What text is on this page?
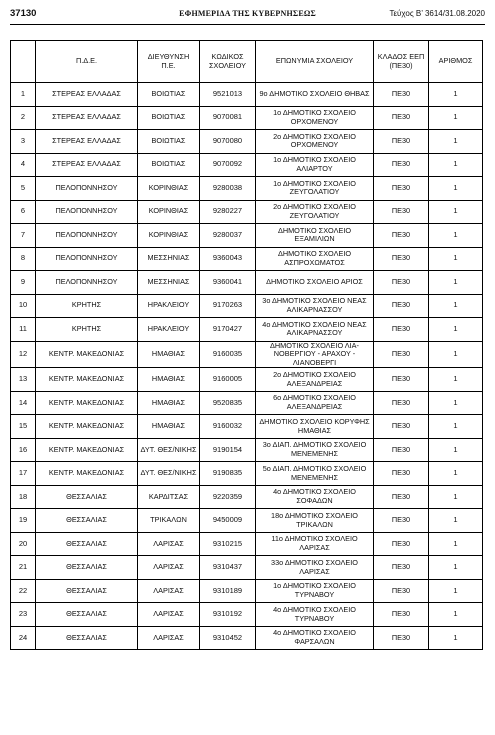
37130	ΕΦΗΜΕΡΙΔΑ ΤΗΣ ΚΥΒΕΡΝΗΣΕΩΣ	Τεύχος Β’ 3614/31.08.2020
	Π.Δ.Ε.	ΔΙΕΥΘΥΝΣΗ Π.Ε.	ΚΩΔΙΚΟΣ ΣΧΟΛΕΙΟΥ	ΕΠΩΝΥΜΙΑ ΣΧΟΛΕΙΟΥ	ΚΛΑΔΟΣ ΕΕΠ (ΠΕ30)	ΑΡΙΘΜΟΣ
1	ΣΤΕΡΕΑΣ ΕΛΛΑΔΑΣ	ΒΟΙΩΤΙΑΣ	9521013	9ο ΔΗΜΟΤΙΚΟ ΣΧΟΛΕΙΟ ΘΗΒΑΣ	ΠΕ30	1
2	ΣΤΕΡΕΑΣ ΕΛΛΑΔΑΣ	ΒΟΙΩΤΙΑΣ	9070081	1ο ΔΗΜΟΤΙΚΟ ΣΧΟΛΕΙΟ ΟΡΧΟΜΕΝΟΥ	ΠΕ30	1
3	ΣΤΕΡΕΑΣ ΕΛΛΑΔΑΣ	ΒΟΙΩΤΙΑΣ	9070080	2ο ΔΗΜΟΤΙΚΟ ΣΧΟΛΕΙΟ ΟΡΧΟΜΕΝΟΥ	ΠΕ30	1
4	ΣΤΕΡΕΑΣ ΕΛΛΑΔΑΣ	ΒΟΙΩΤΙΑΣ	9070092	1ο ΔΗΜΟΤΙΚΟ ΣΧΟΛΕΙΟ ΑΛΙΑΡΤΟΥ	ΠΕ30	1
5	ΠΕΛΟΠΟΝΝΗΣΟΥ	ΚΟΡΙΝΘΙΑΣ	9280038	1ο ΔΗΜΟΤΙΚΟ ΣΧΟΛΕΙΟ ΖΕΥΓΟΛΑΤΙΟΥ	ΠΕ30	1
6	ΠΕΛΟΠΟΝΝΗΣΟΥ	ΚΟΡΙΝΘΙΑΣ	9280227	2ο ΔΗΜΟΤΙΚΟ ΣΧΟΛΕΙΟ ΖΕΥΓΟΛΑΤΙΟΥ	ΠΕ30	1
7	ΠΕΛΟΠΟΝΝΗΣΟΥ	ΚΟΡΙΝΘΙΑΣ	9280037	ΔΗΜΟΤΙΚΟ ΣΧΟΛΕΙΟ ΕΞΑΜΙΛΙΩΝ	ΠΕ30	1
8	ΠΕΛΟΠΟΝΝΗΣΟΥ	ΜΕΣΣΗΝΙΑΣ	9360043	ΔΗΜΟΤΙΚΟ ΣΧΟΛΕΙΟ ΑΣΠΡΟΧΩΜΑΤΟΣ	ΠΕ30	1
9	ΠΕΛΟΠΟΝΝΗΣΟΥ	ΜΕΣΣΗΝΙΑΣ	9360041	ΔΗΜΟΤΙΚΟ ΣΧΟΛΕΙΟ ΑΡΙΟΣ	ΠΕ30	1
10	ΚΡΗΤΗΣ	ΗΡΑΚΛΕΙΟΥ	9170263	3ο ΔΗΜΟΤΙΚΟ ΣΧΟΛΕΙΟ ΝΕΑΣ ΑΛΙΚΑΡΝΑΣΣΟΥ	ΠΕ30	1
11	ΚΡΗΤΗΣ	ΗΡΑΚΛΕΙΟΥ	9170427	4ο ΔΗΜΟΤΙΚΟ ΣΧΟΛΕΙΟ ΝΕΑΣ ΑΛΙΚΑΡΝΑΣΣΟΥ	ΠΕ30	1
12	ΚΕΝΤΡ. ΜΑΚΕΔΟΝΙΑΣ	ΗΜΑΘΙΑΣ	9160035	ΔΗΜΟΤΙΚΟ ΣΧΟΛΕΙΟ ΛΙΑ-ΝΟΒΕΡΓΙΟΥ - ΑΡΑΧΟΥ - ΛΙΑΝΟΒΕΡΓΙ	ΠΕ30	1
13	ΚΕΝΤΡ. ΜΑΚΕΔΟΝΙΑΣ	ΗΜΑΘΙΑΣ	9160005	2ο ΔΗΜΟΤΙΚΟ ΣΧΟΛΕΙΟ ΑΛΕΞΑΝΔΡΕΙΑΣ	ΠΕ30	1
14	ΚΕΝΤΡ. ΜΑΚΕΔΟΝΙΑΣ	ΗΜΑΘΙΑΣ	9520835	6ο ΔΗΜΟΤΙΚΟ ΣΧΟΛΕΙΟ ΑΛΕΞΑΝΔΡΕΙΑΣ	ΠΕ30	1
15	ΚΕΝΤΡ. ΜΑΚΕΔΟΝΙΑΣ	ΗΜΑΘΙΑΣ	9160032	ΔΗΜΟΤΙΚΟ ΣΧΟΛΕΙΟ ΚΟΡΥΦΗΣ ΗΜΑΘΙΑΣ	ΠΕ30	1
16	ΚΕΝΤΡ. ΜΑΚΕΔΟΝΙΑΣ	ΔΥΤ. ΘΕΣ/ΝΙΚΗΣ	9190154	3ο ΔΙΑΠ. ΔΗΜΟΤΙΚΟ ΣΧΟΛΕΙΟ ΜΕΝΕΜΕΝΗΣ	ΠΕ30	1
17	ΚΕΝΤΡ. ΜΑΚΕΔΟΝΙΑΣ	ΔΥΤ. ΘΕΣ/ΝΙΚΗΣ	9190835	5ο ΔΙΑΠ. ΔΗΜΟΤΙΚΟ ΣΧΟΛΕΙΟ ΜΕΝΕΜΕΝΗΣ	ΠΕ30	1
18	ΘΕΣΣΑΛΙΑΣ	ΚΑΡΔΙΤΣΑΣ	9220359	4ο ΔΗΜΟΤΙΚΟ ΣΧΟΛΕΙΟ ΣΟΦΑΔΩΝ	ΠΕ30	1
19	ΘΕΣΣΑΛΙΑΣ	ΤΡΙΚΑΛΩΝ	9450009	18ο ΔΗΜΟΤΙΚΟ ΣΧΟΛΕΙΟ ΤΡΙΚΑΛΩΝ	ΠΕ30	1
20	ΘΕΣΣΑΛΙΑΣ	ΛΑΡΙΣΑΣ	9310215	11ο ΔΗΜΟΤΙΚΟ ΣΧΟΛΕΙΟ ΛΑΡΙΣΑΣ	ΠΕ30	1
21	ΘΕΣΣΑΛΙΑΣ	ΛΑΡΙΣΑΣ	9310437	33ο ΔΗΜΟΤΙΚΟ ΣΧΟΛΕΙΟ ΛΑΡΙΣΑΣ	ΠΕ30	1
22	ΘΕΣΣΑΛΙΑΣ	ΛΑΡΙΣΑΣ	9310189	1ο ΔΗΜΟΤΙΚΟ ΣΧΟΛΕΙΟ ΤΥΡΝΑΒΟΥ	ΠΕ30	1
23	ΘΕΣΣΑΛΙΑΣ	ΛΑΡΙΣΑΣ	9310192	4ο ΔΗΜΟΤΙΚΟ ΣΧΟΛΕΙΟ ΤΥΡΝΑΒΟΥ	ΠΕ30	1
24	ΘΕΣΣΑΛΙΑΣ	ΛΑΡΙΣΑΣ	9310452	4ο ΔΗΜΟΤΙΚΟ ΣΧΟΛΕΙΟ ΦΑΡΣΑΛΩΝ	ΠΕ30	1
